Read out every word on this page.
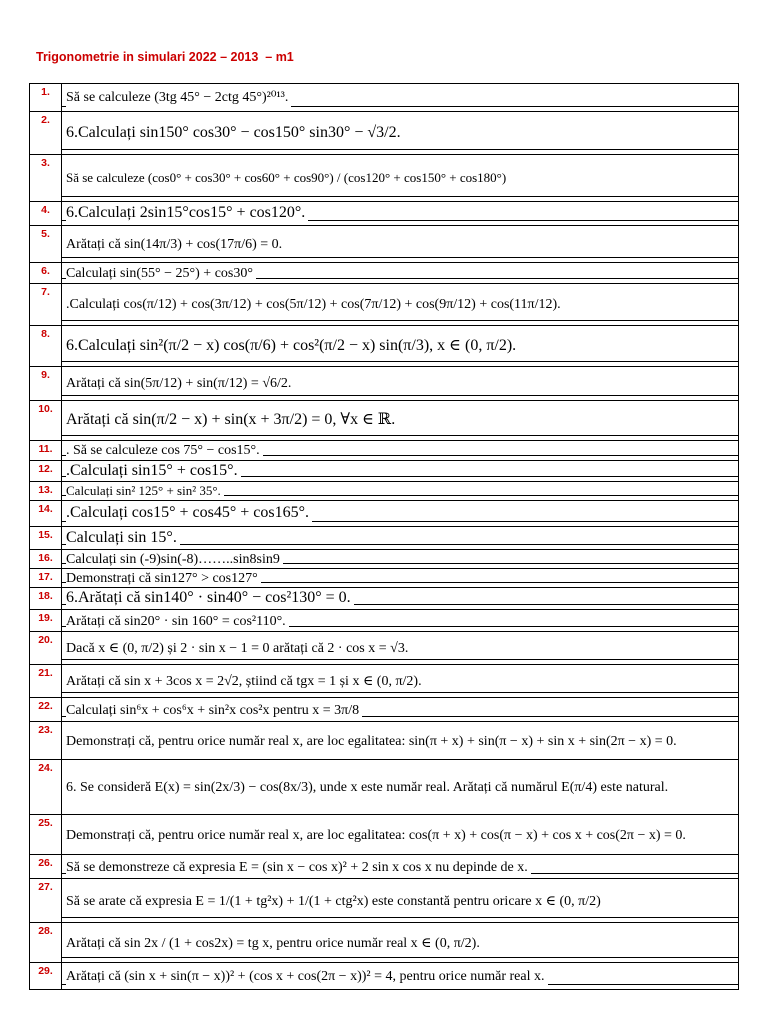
Trigonometrie in simulari 2022 – 2013  – m1
1.	Să se calculeze (3tg 45° − 2ctg 45°)²⁰¹³.

2.	6.Calculați sin150° cos30° − cos150° sin30° − √3/2.

3.	Să se calculeze (cos0° + cos30° + cos60° + cos90°) / (cos120° + cos150° + cos180°)

4.	6.Calculați 2sin15°cos15° + cos120°.

5.	Arătați că sin(14π/3) + cos(17π/6) = 0.

6.	Calculați sin(55° − 25°) + cos30°

7.	.Calculați cos(π/12) + cos(3π/12) + cos(5π/12) + cos(7π/12) + cos(9π/12) + cos(11π/12).

8.	6.Calculați sin²(π/2 − x) cos(π/6) + cos²(π/2 − x) sin(π/3), x ∈ (0, π/2).

9.	Arătați că sin(5π/12) + sin(π/12) = √6/2.

10.	Arătați că sin(π/2 − x) + sin(x + 3π/2) = 0, ∀x ∈ ℝ.

11.	. Să se calculeze cos 75° − cos15°.

12.	.Calculați sin15° + cos15°.

13.	Calculați sin² 125° + sin² 35°.

14.	.Calculați cos15° + cos45° + cos165°.

15.	Calculați sin 15°.

16.	Calculați sin (-9)sin(-8)……..sin8sin9

17.	Demonstrați că sin127° > cos127°

18.	6.Arătați că sin140° · sin40° − cos²130° = 0.

19.	Arătați că sin20° · sin 160° = cos²110°.

20.	Dacă x ∈ (0, π/2) și 2 · sin x − 1 = 0 arătați că 2 · cos x = √3.

21.	Arătați că sin x + 3cos x = 2√2, știind că tgx = 1 și x ∈ (0, π/2).

22.	Calculați sin⁶x + cos⁶x + sin²x cos²x pentru x = 3π/8

23.	Demonstrați că, pentru orice număr real x, are loc egalitatea: sin(π + x) + sin(π − x) + sin x + sin(2π − x) = 0.
24.	6. Se consideră E(x) = sin(2x/3) − cos(8x/3), unde x este număr real. Arătați că numărul E(π/4) este natural.
25.	Demonstrați că, pentru orice număr real x, are loc egalitatea: cos(π + x) + cos(π − x) + cos x + cos(2π − x) = 0.
26.	Să se demonstreze că expresia E = (sin x − cos x)² + 2 sin x cos x nu depinde de x.

27.	Să se arate că expresia E = 1/(1 + tg²x) + 1/(1 + ctg²x) este constantă pentru oricare x ∈ (0, π/2)

28.	Arătați că sin 2x / (1 + cos2x) = tg x, pentru orice număr real x ∈ (0, π/2).

29.	Arătați că (sin x + sin(π − x))² + (cos x + cos(2π − x))² = 4, pentru orice număr real x.
